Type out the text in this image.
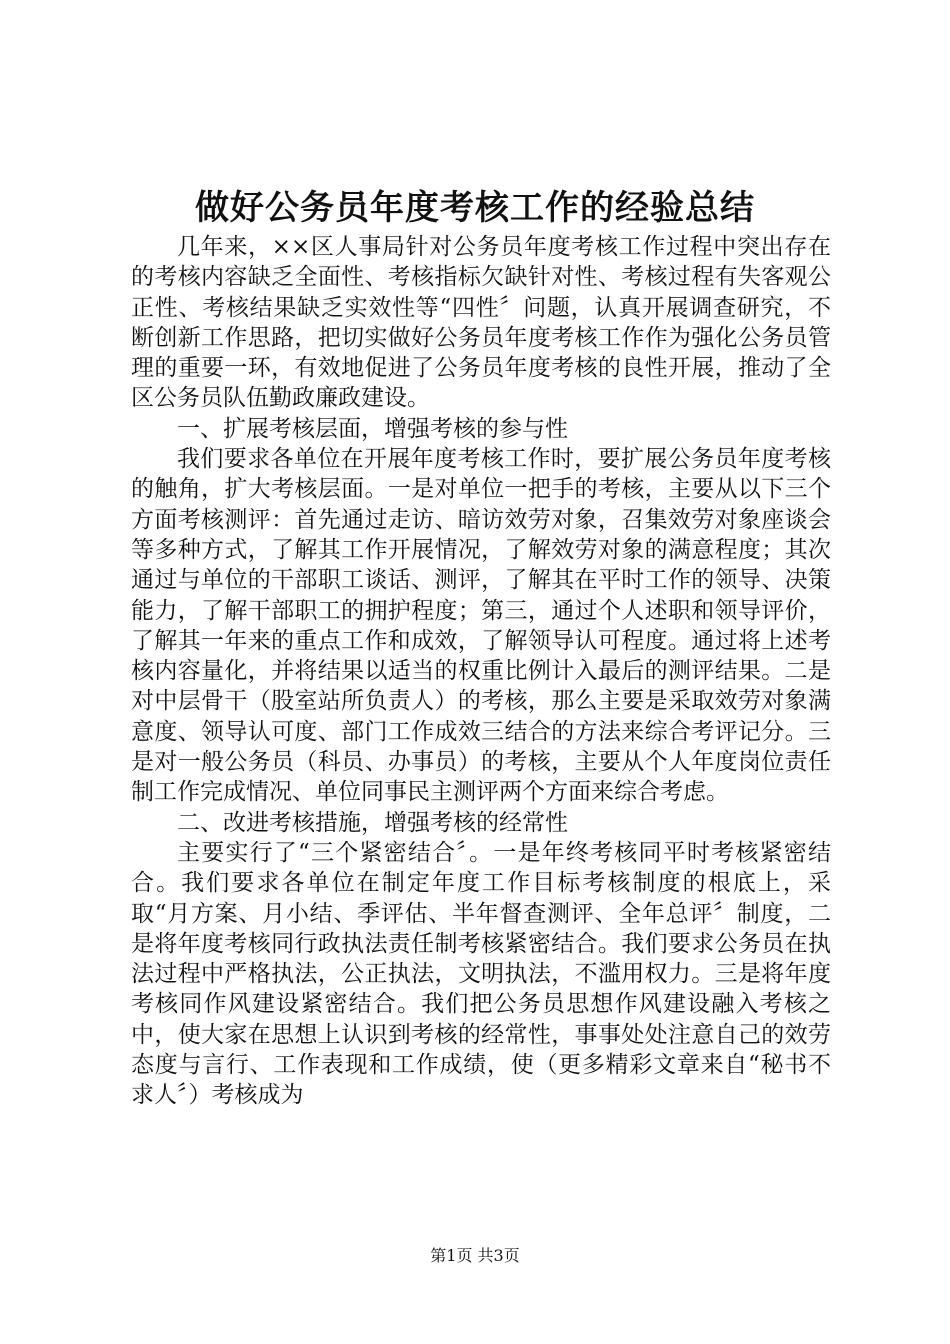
做好公务员年度考核工作的经验总结

几年来，××区人事局针对公务员年度考核工作过程中突出存在的考核内容缺乏全面性、考核指标欠缺针对性、考核过程有失客观公正性、考核结果缺乏实效性等“四性〞问题，认真开展调查研究，不断创新工作思路，把切实做好公务员年度考核工作作为强化公务员管理的重要一环，有效地促进了公务员年度考核的良性开展，推动了全区公务员队伍勤政廉政建设。

一、扩展考核层面，增强考核的参与性

我们要求各单位在开展年度考核工作时，要扩展公务员年度考核的触角，扩大考核层面。一是对单位一把手的考核，主要从以下三个方面考核测评：首先通过走访、暗访效劳对象，召集效劳对象座谈会等多种方式，了解其工作开展情况，了解效劳对象的满意程度；其次通过与单位的干部职工谈话、测评，了解其在平时工作的领导、决策能力，了解干部职工的拥护程度；第三，通过个人述职和领导评价，了解其一年来的重点工作和成效，了解领导认可程度。通过将上述考核内容量化，并将结果以适当的权重比例计入最后的测评结果。二是对中层骨干（股室站所负责人）的考核，那么主要是采取效劳对象满意度、领导认可度、部门工作成效三结合的方法来综合考评记分。三是对一般公务员（科员、办事员）的考核，主要从个人年度岗位责任制工作完成情况、单位同事民主测评两个方面来综合考虑。

二、改进考核措施，增强考核的经常性

主要实行了“三个紧密结合〞。一是年终考核同平时考核紧密结合。我们要求各单位在制定年度工作目标考核制度的根底上，采取“月方案、月小结、季评估、半年督查测评、全年总评〞制度，二是将年度考核同行政执法责任制考核紧密结合。我们要求公务员在执法过程中严格执法，公正执法，文明执法，不滥用权力。三是将年度考核同作风建设紧密结合。我们把公务员思想作风建设融入考核之中，使大家在思想上认识到考核的经常性，事事处处注意自己的效劳态度与言行、工作表现和工作成绩，使（更多精彩文章来自“秘书不求人〞）考核成为

第1页 共3页
